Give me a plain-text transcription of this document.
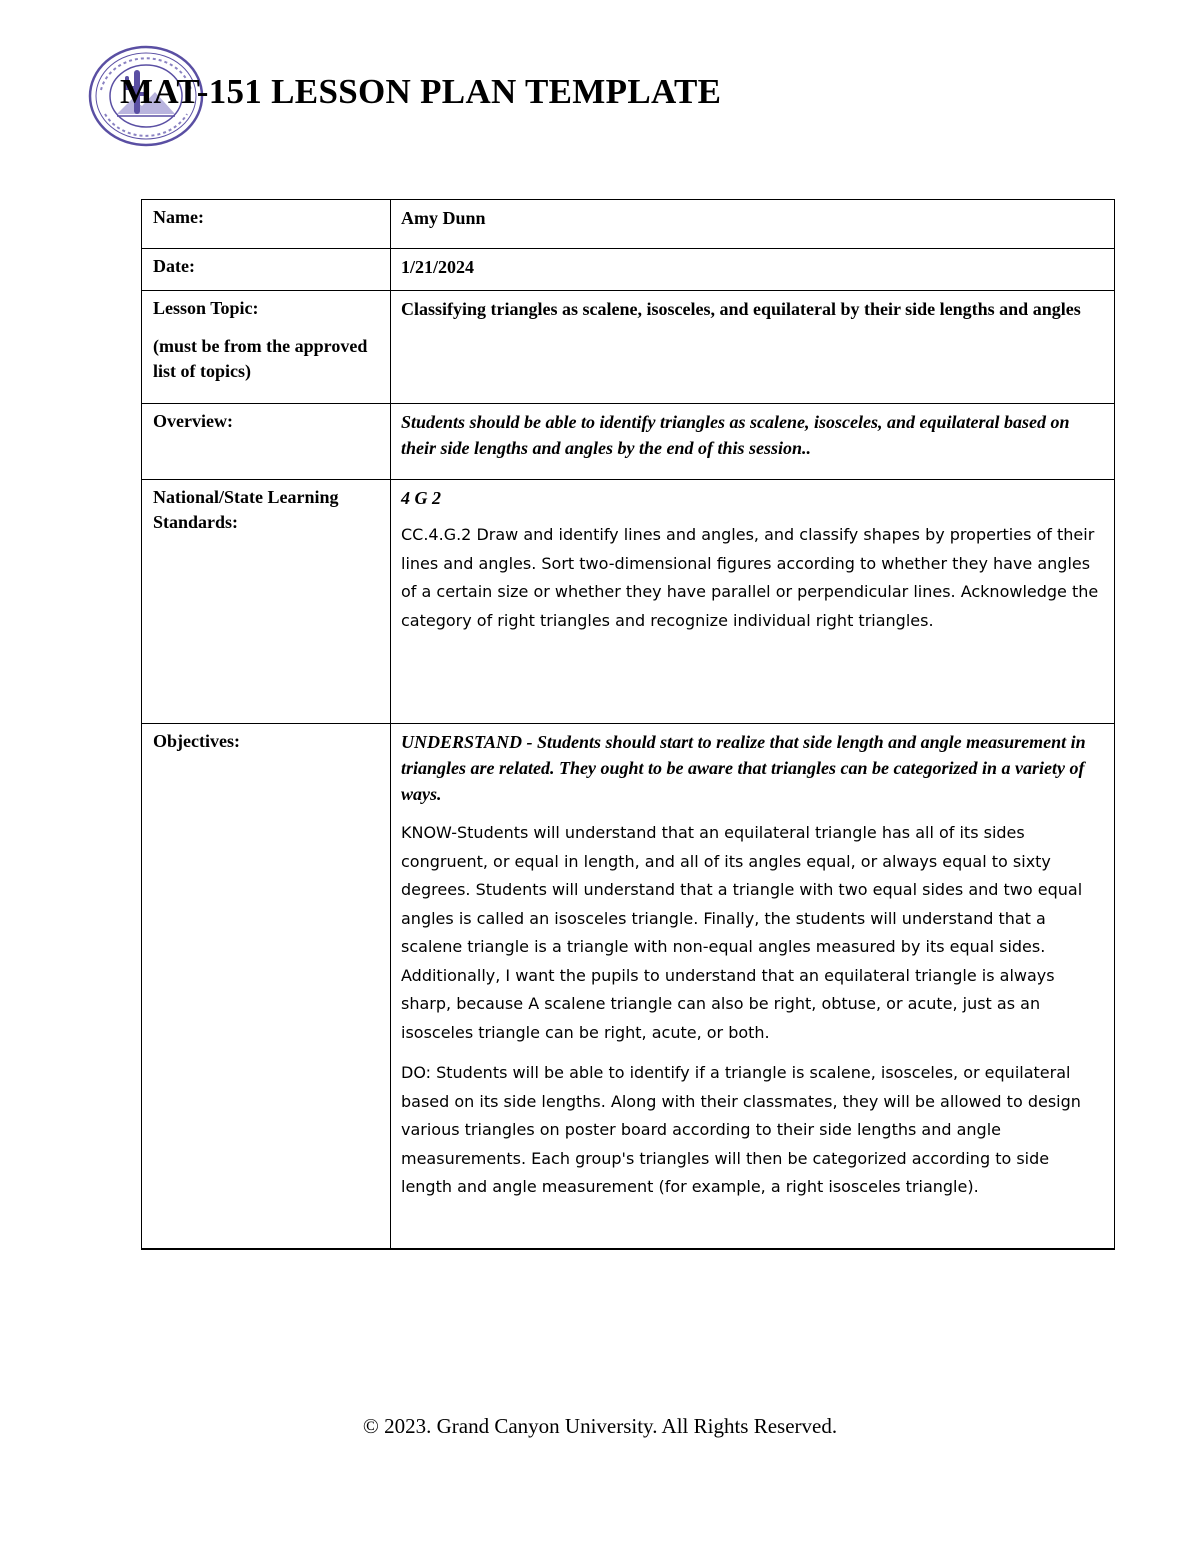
MAT-151 LESSON PLAN TEMPLATE
Name:	Amy Dunn

Date:	1/21/2024

Lesson Topic:
(must be from the approved list of topics)	Classifying triangles as scalene, isosceles, and equilateral by their side lengths and angles

Overview:	Students should be able to identify triangles as scalene, isosceles, and equilateral based on their side lengths and angles by the end of this session..

National/State Learning Standards:	4 G 2
CC.4.G.2 Draw and identify lines and angles, and classify shapes by properties of their lines and angles. Sort two-dimensional figures according to whether they have angles of a certain size or whether they have parallel or perpendicular lines. Acknowledge the category of right triangles and recognize individual right triangles.

Objectives:	UNDERSTAND - Students should start to realize that side length and angle measurement in triangles are related. They ought to be aware that triangles can be categorized in a variety of ways.
KNOW-Students will understand that an equilateral triangle has all of its sides congruent, or equal in length, and all of its angles equal, or always equal to sixty degrees. Students will understand that a triangle with two equal sides and two equal angles is called an isosceles triangle. Finally, the students will understand that a scalene triangle is a triangle with non-equal angles measured by its equal sides. Additionally, I want the pupils to understand that an equilateral triangle is always sharp, because A scalene triangle can also be right, obtuse, or acute, just as an isosceles triangle can be right, acute, or both.
DO: Students will be able to identify if a triangle is scalene, isosceles, or equilateral based on its side lengths. Along with their classmates, they will be allowed to design various triangles on poster board according to their side lengths and angle measurements. Each group's triangles will then be categorized according to side length and angle measurement (for example, a right isosceles triangle).
© 2023. Grand Canyon University. All Rights Reserved.
